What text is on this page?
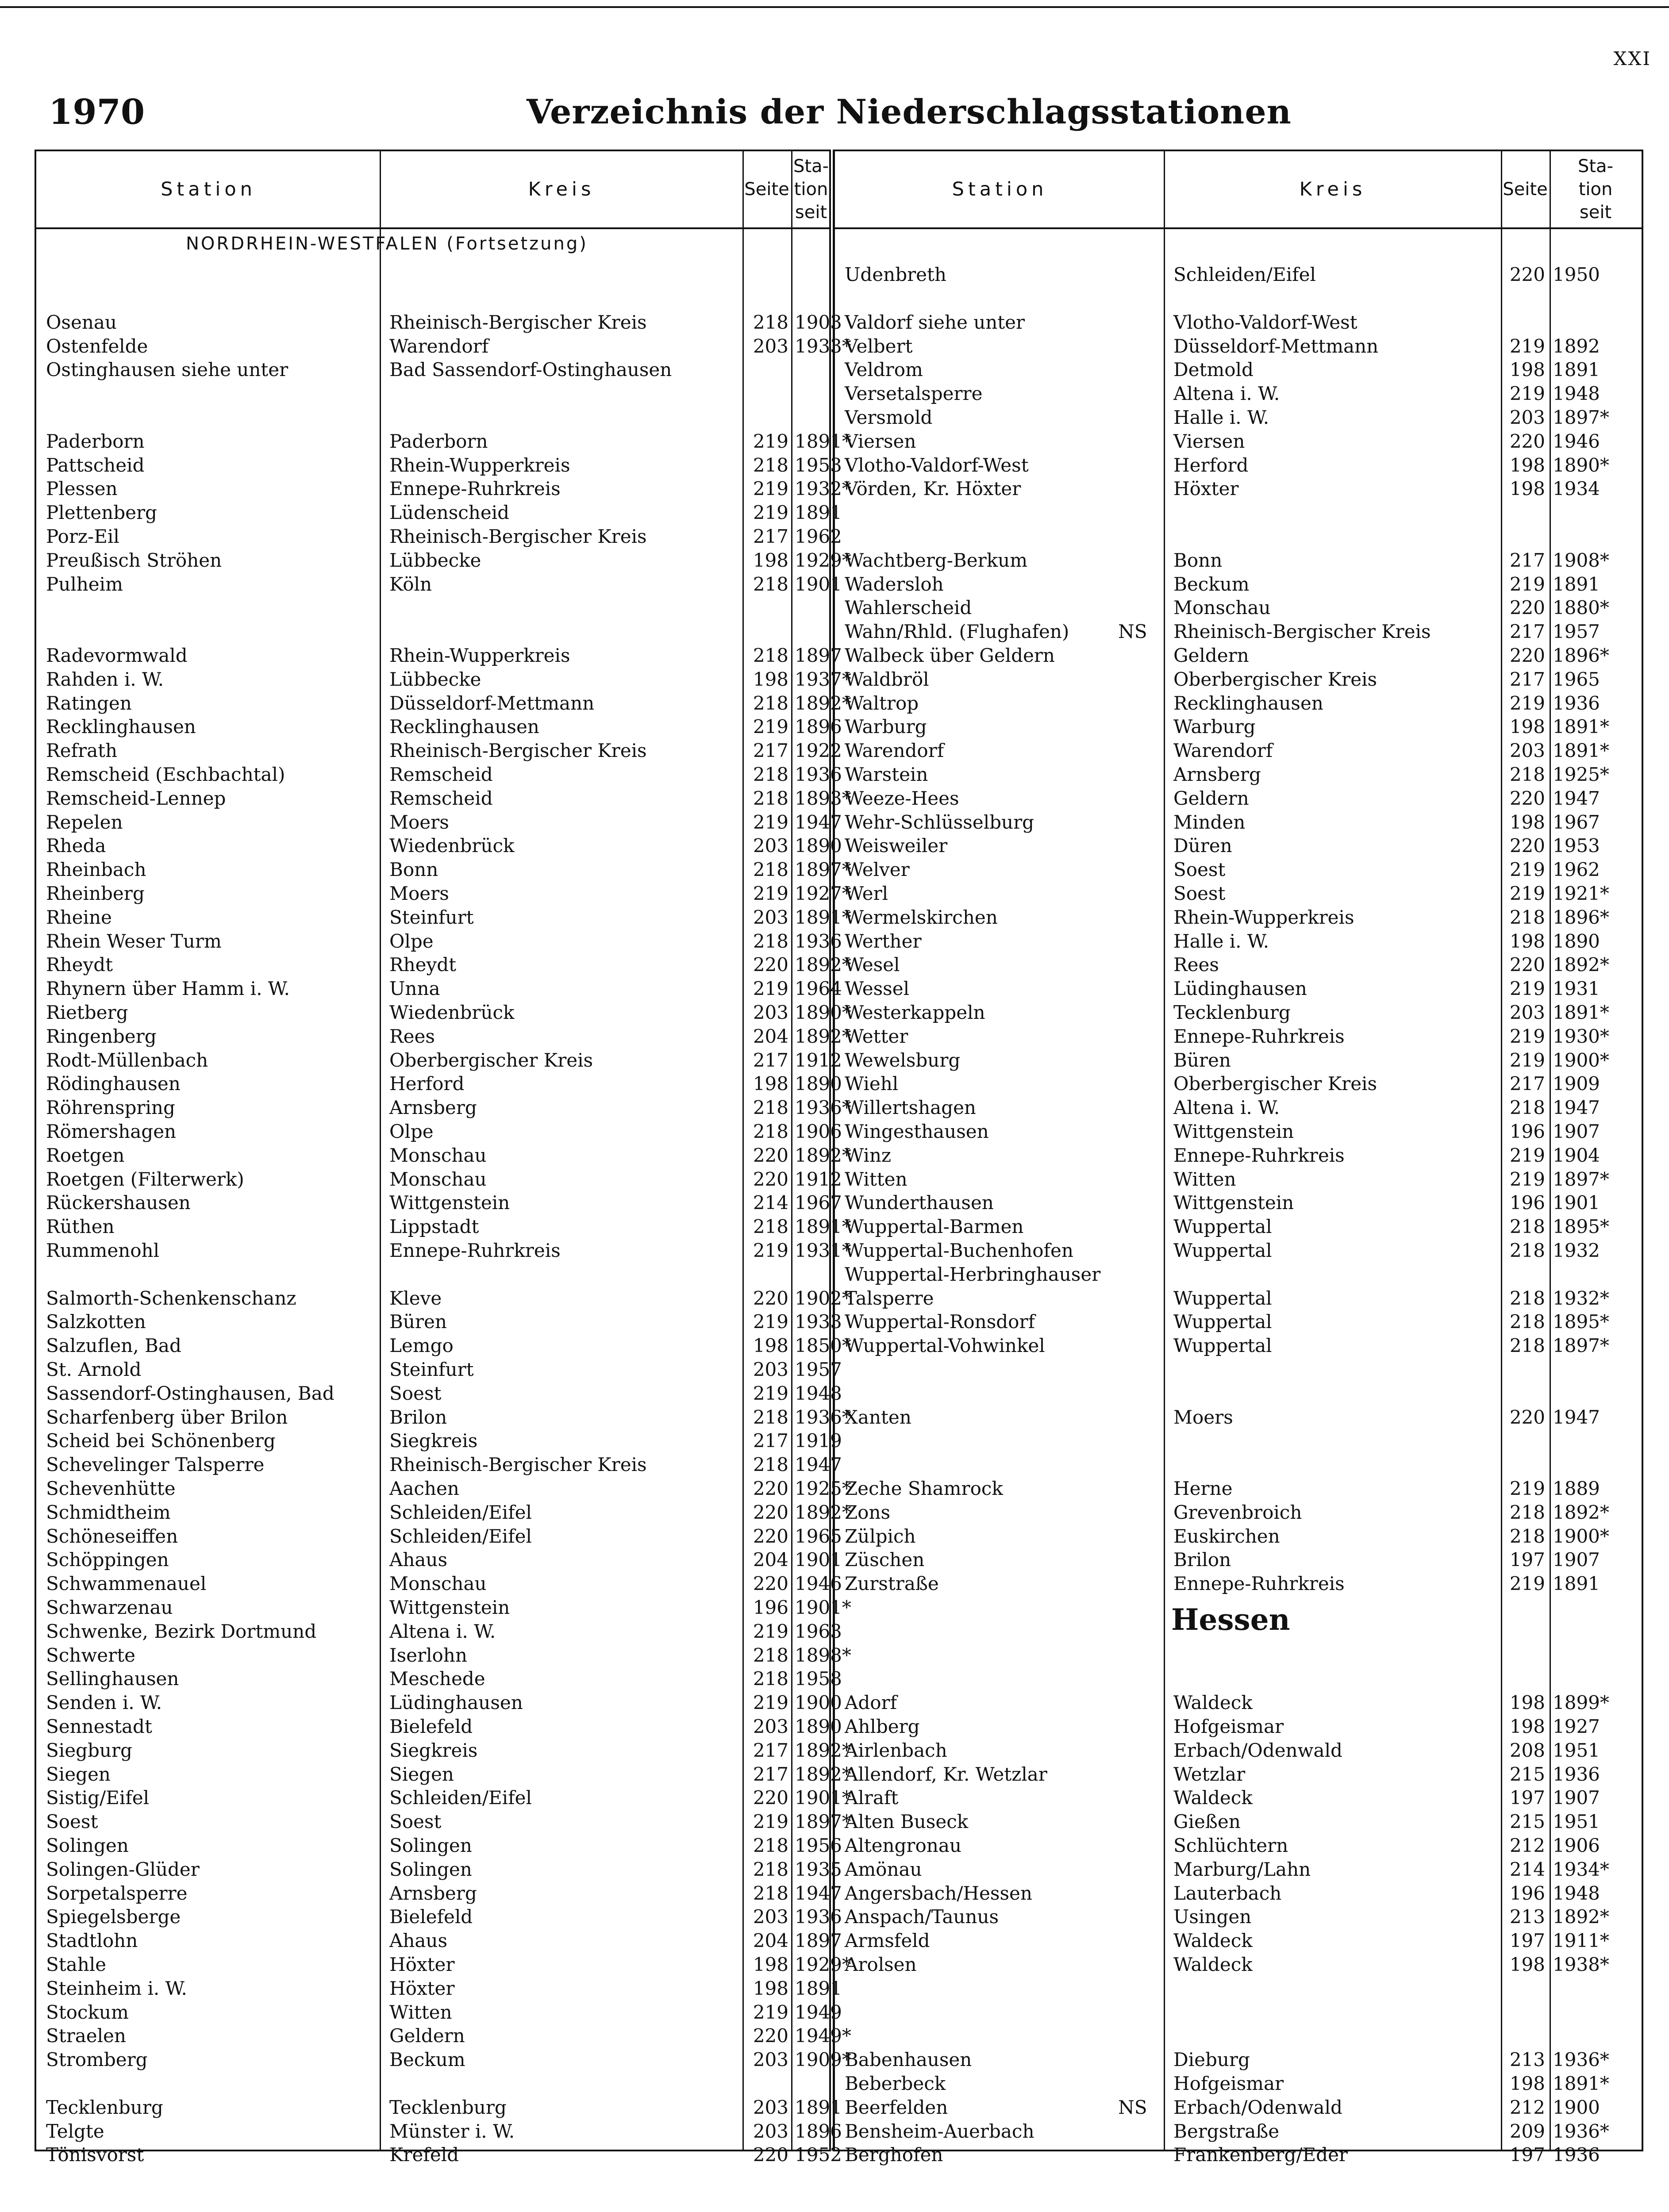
XXI
1970	Verzeichnis der Niederschlagsstationen
Station	Kreis	Seite
Sta-
tion
seit
NORDRHEIN-WESTFALEN (Fortsetzung)
Osenau	Rheinisch-Bergischer Kreis	218 1903
Ostenfelde	Warendorf	203 1933*
Ostinghausen siehe unter	Bad Sassendorf-Ostinghausen
Paderborn	Paderborn	219 1891*
Pattscheid	Rhein-Wupperkreis	218 1953
Plessen	Ennepe-Ruhrkreis	219 1932*
Plettenberg	Lüdenscheid	219 1891
Porz-Eil	Rheinisch-Bergischer Kreis	217 1962
Preußisch Ströhen	Lübbecke	198 1929*
Pulheim	Köln	218 1901
Radevormwald	Rhein-Wupperkreis	218 1897
Rahden i. W.	Lübbecke	198 1937*
Ratingen	Düsseldorf-Mettmann	218 1892*
Recklinghausen	Recklinghausen	219 1896
Refrath	Rheinisch-Bergischer Kreis	217 1922
Remscheid (Eschbachtal)	Remscheid	218 1936
Remscheid-Lennep	Remscheid	218 1893*
Repelen	Moers	219 1947
Rheda	Wiedenbrück	203 1890
Rheinbach	Bonn	218 1897*
Rheinberg	Moers	219 1927*
Rheine	Steinfurt	203 1891*
Rhein Weser Turm	Olpe	218 1936
Rheydt	Rheydt	220 1892*
Rhynern über Hamm i. W.	Unna	219 1964
Rietberg	Wiedenbrück	203 1890*
Ringenberg	Rees	204 1892*
Rodt-Müllenbach	Oberbergischer Kreis	217 1912
Rödinghausen	Herford	198 1890
Röhrenspring	Arnsberg	218 1936*
Römershagen	Olpe	218 1906
Roetgen	Monschau	220 1892*
Roetgen (Filterwerk)	Monschau	220 1912
Rückershausen	Wittgenstein	214 1967
Rüthen	Lippstadt	218 1891*
Rummenohl	Ennepe-Ruhrkreis	219 1931*
Salmorth-Schenkenschanz	Kleve	220 1902*
Salzkotten	Büren	219 1933
Salzuflen, Bad	Lemgo	198 1850*
St. Arnold	Steinfurt	203 1957
Sassendorf-Ostinghausen, Bad	Soest	219 1948
Scharfenberg über Brilon	Brilon	218 1936*
Scheid bei Schönenberg	Siegkreis	217 1919
Schevelinger Talsperre	Rheinisch-Bergischer Kreis	218 1947
Schevenhütte	Aachen	220 1925*
Schmidtheim	Schleiden/Eifel	220 1892*
Schöneseiffen	Schleiden/Eifel	220 1965
Schöppingen	Ahaus	204 1901
Schwammenauel	Monschau	220 1946
Schwarzenau	Wittgenstein	196 1901*
Schwenke, Bezirk Dortmund	Altena i. W.	219 1963
Schwerte	Iserlohn	218 1898*
Sellinghausen	Meschede	218 1958
Senden i. W.	Lüdinghausen	219 1900
Sennestadt	Bielefeld	203 1890
Siegburg	Siegkreis	217 1892*
Siegen	Siegen	217 1892*
Sistig/Eifel	Schleiden/Eifel	220 1901*
Soest	Soest	219 1897*
Solingen	Solingen	218 1956
Solingen-Glüder	Solingen	218 1935
Sorpetalsperre	Arnsberg	218 1947
Spiegelsberge	Bielefeld	203 1936
Stadtlohn	Ahaus	204 1897
Stahle	Höxter	198 1929*
Steinheim i. W.	Höxter	198 1891
Stockum	Witten	219 1949
Straelen	Geldern	220 1949*
Stromberg	Beckum	203 1909*
Tecklenburg	Tecklenburg	203 1891
Telgte	Münster i. W.	203 1896
Tönisvorst	Krefeld	220 1952
Station	Kreis	Seite
Sta-
tion
seit
Hessen
Udenbreth	Schleiden/Eifel	220 1950
Valdorf siehe unter	Vlotho-Valdorf-West
Velbert	Düsseldorf-Mettmann	219 1892
Veldrom	Detmold	198 1891
Versetalsperre	Altena i. W.	219 1948
Versmold	Halle i. W.	203 1897*
Viersen	Viersen	220 1946
Vlotho-Valdorf-West	Herford	198 1890*
Vörden, Kr. Höxter	Höxter	198 1934
Wachtberg-Berkum	Bonn	217 1908*
Wadersloh	Beckum	219 1891
Wahlerscheid	Monschau	220 1880*
Wahn/Rhld. (Flughafen)	NS	Rheinisch-Bergischer Kreis	217 1957
Walbeck über Geldern	Geldern	220 1896*
Waldbröl	Oberbergischer Kreis	217 1965
Waltrop	Recklinghausen	219 1936
Warburg	Warburg	198 1891*
Warendorf	Warendorf	203 1891*
Warstein	Arnsberg	218 1925*
Weeze-Hees	Geldern	220 1947
Wehr-Schlüsselburg	Minden	198 1967
Weisweiler	Düren	220 1953
Welver	Soest	219 1962
Werl	Soest	219 1921*
Wermelskirchen	Rhein-Wupperkreis	218 1896*
Werther	Halle i. W.	198 1890
Wesel	Rees	220 1892*
Wessel	Lüdinghausen	219 1931
Westerkappeln	Tecklenburg	203 1891*
Wetter	Ennepe-Ruhrkreis	219 1930*
Wewelsburg	Büren	219 1900*
Wiehl	Oberbergischer Kreis	217 1909
Willertshagen	Altena i. W.	218 1947
Wingesthausen	Wittgenstein	196 1907
Winz	Ennepe-Ruhrkreis	219 1904
Witten	Witten	219 1897*
Wunderthausen	Wittgenstein	196 1901
Wuppertal-Barmen	Wuppertal	218 1895*
Wuppertal-Buchenhofen	Wuppertal	218 1932
Wuppertal-Herbringhauser
Talsperre	Wuppertal	218 1932*
Wuppertal-Ronsdorf	Wuppertal	218 1895*
Wuppertal-Vohwinkel	Wuppertal	218 1897*
Xanten	Moers	220 1947
Zeche Shamrock	Herne	219 1889
Zons	Grevenbroich	218 1892*
Zülpich	Euskirchen	218 1900*
Züschen	Brilon	197 1907
Zurstraße	Ennepe-Ruhrkreis	219 1891
Adorf	Waldeck	198 1899*
Ahlberg	Hofgeismar	198 1927
Airlenbach	Erbach/Odenwald	208 1951
Allendorf, Kr. Wetzlar	Wetzlar	215 1936
Alraft	Waldeck	197 1907
Alten Buseck	Gießen	215 1951
Altengronau	Schlüchtern	212 1906
Amönau	Marburg/Lahn	214 1934*
Angersbach/Hessen	Lauterbach	196 1948
Anspach/Taunus	Usingen	213 1892*
Armsfeld	Waldeck	197 1911*
Arolsen	Waldeck	198 1938*
Babenhausen	Dieburg	213 1936*
Beberbeck	Hofgeismar	198 1891*
Beerfelden	NS	Erbach/Odenwald	212 1900
Bensheim-Auerbach	Bergstraße	209 1936*
Berghofen	Frankenberg/Eder	197 1936
